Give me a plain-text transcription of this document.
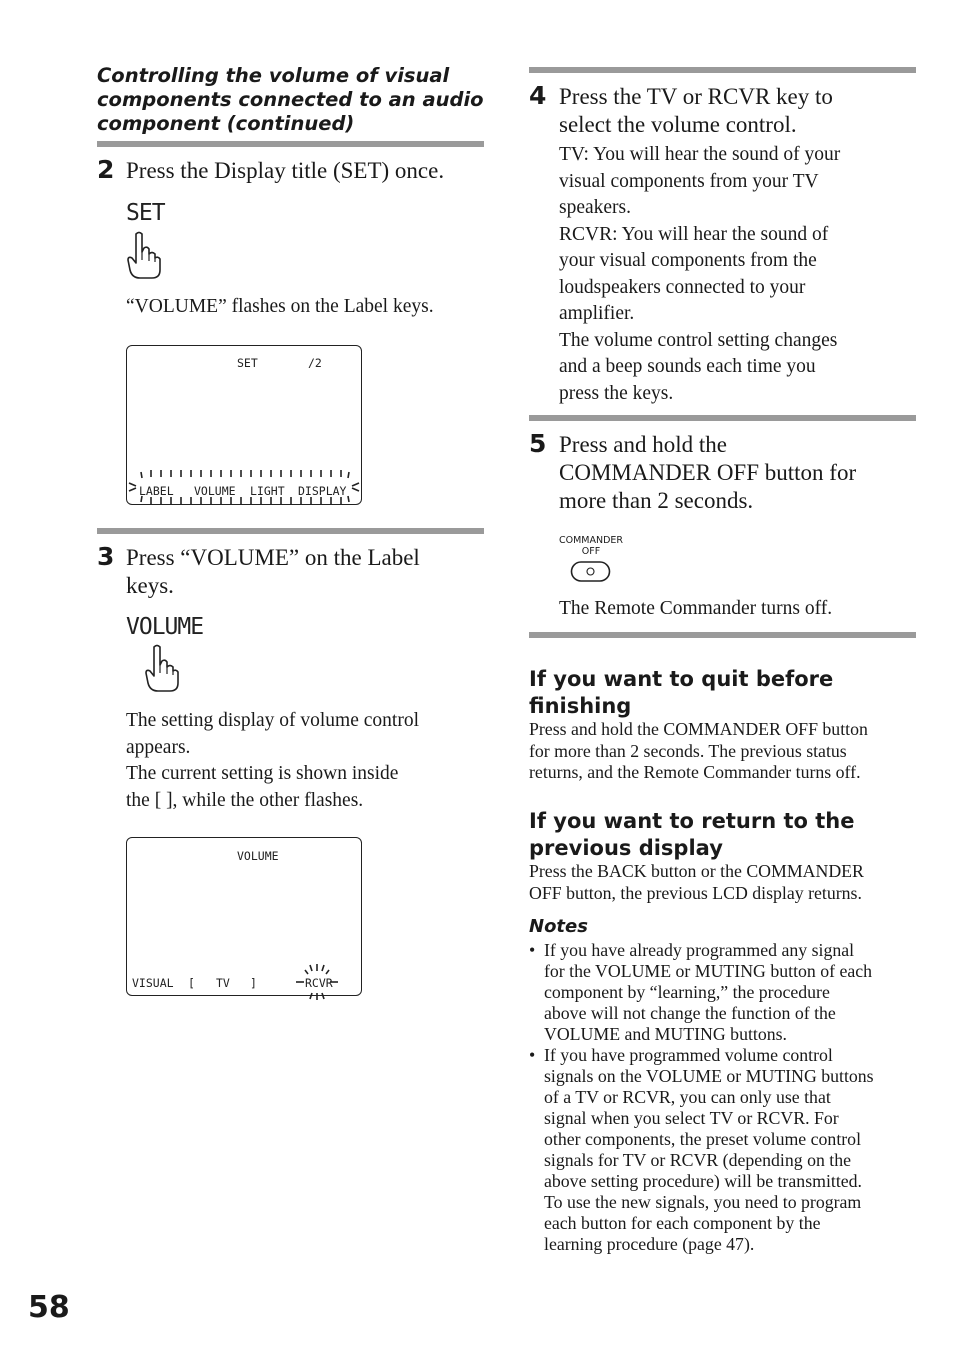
Controlling the volume of visual
components connected to an audio
component (continued)
2 Press the Display title (SET) once.
SET
“VOLUME” flashes on the Label keys.
SET	/2
LABEL VOLUME LIGHT DISPLAY
3 Press “VOLUME” on the Label
keys.
VOLUME
The setting display of volume control
appears.
The current setting is shown inside
the [ ], while the other flashes.
VOLUME
VISUAL [ TV ]	RCVR
4 Press the TV or RCVR key to
select the volume control.
TV: You will hear the sound of your
visual components from your TV
speakers.
RCVR: You will hear the sound of
your visual components from the
loudspeakers connected to your
amplifier.
The volume control setting changes
and a beep sounds each time you
press the keys.
5 Press and hold the
COMMANDER OFF button for
more than 2 seconds.
COMMANDER
OFF
The Remote Commander turns off.
If you want to quit before
finishing
Press and hold the COMMANDER OFF button
for more than 2 seconds. The previous status
returns, and the Remote Commander turns off.
If you want to return to the
previous display
Press the BACK button or the COMMANDER
OFF button, the previous LCD display returns.
Notes
• If you have already programmed any signal
for the VOLUME or MUTING button of each
component by “learning,” the procedure
above will not change the function of the
VOLUME and MUTING buttons.
• If you have programmed volume control
signals on the VOLUME or MUTING buttons
of a TV or RCVR, you can only use that
signal when you select TV or RCVR. For
other components, the preset volume control
signals for TV or RCVR (depending on the
above setting procedure) will be transmitted.
To use the new signals, you need to program
each button for each component by the
learning procedure (page 47).
58
